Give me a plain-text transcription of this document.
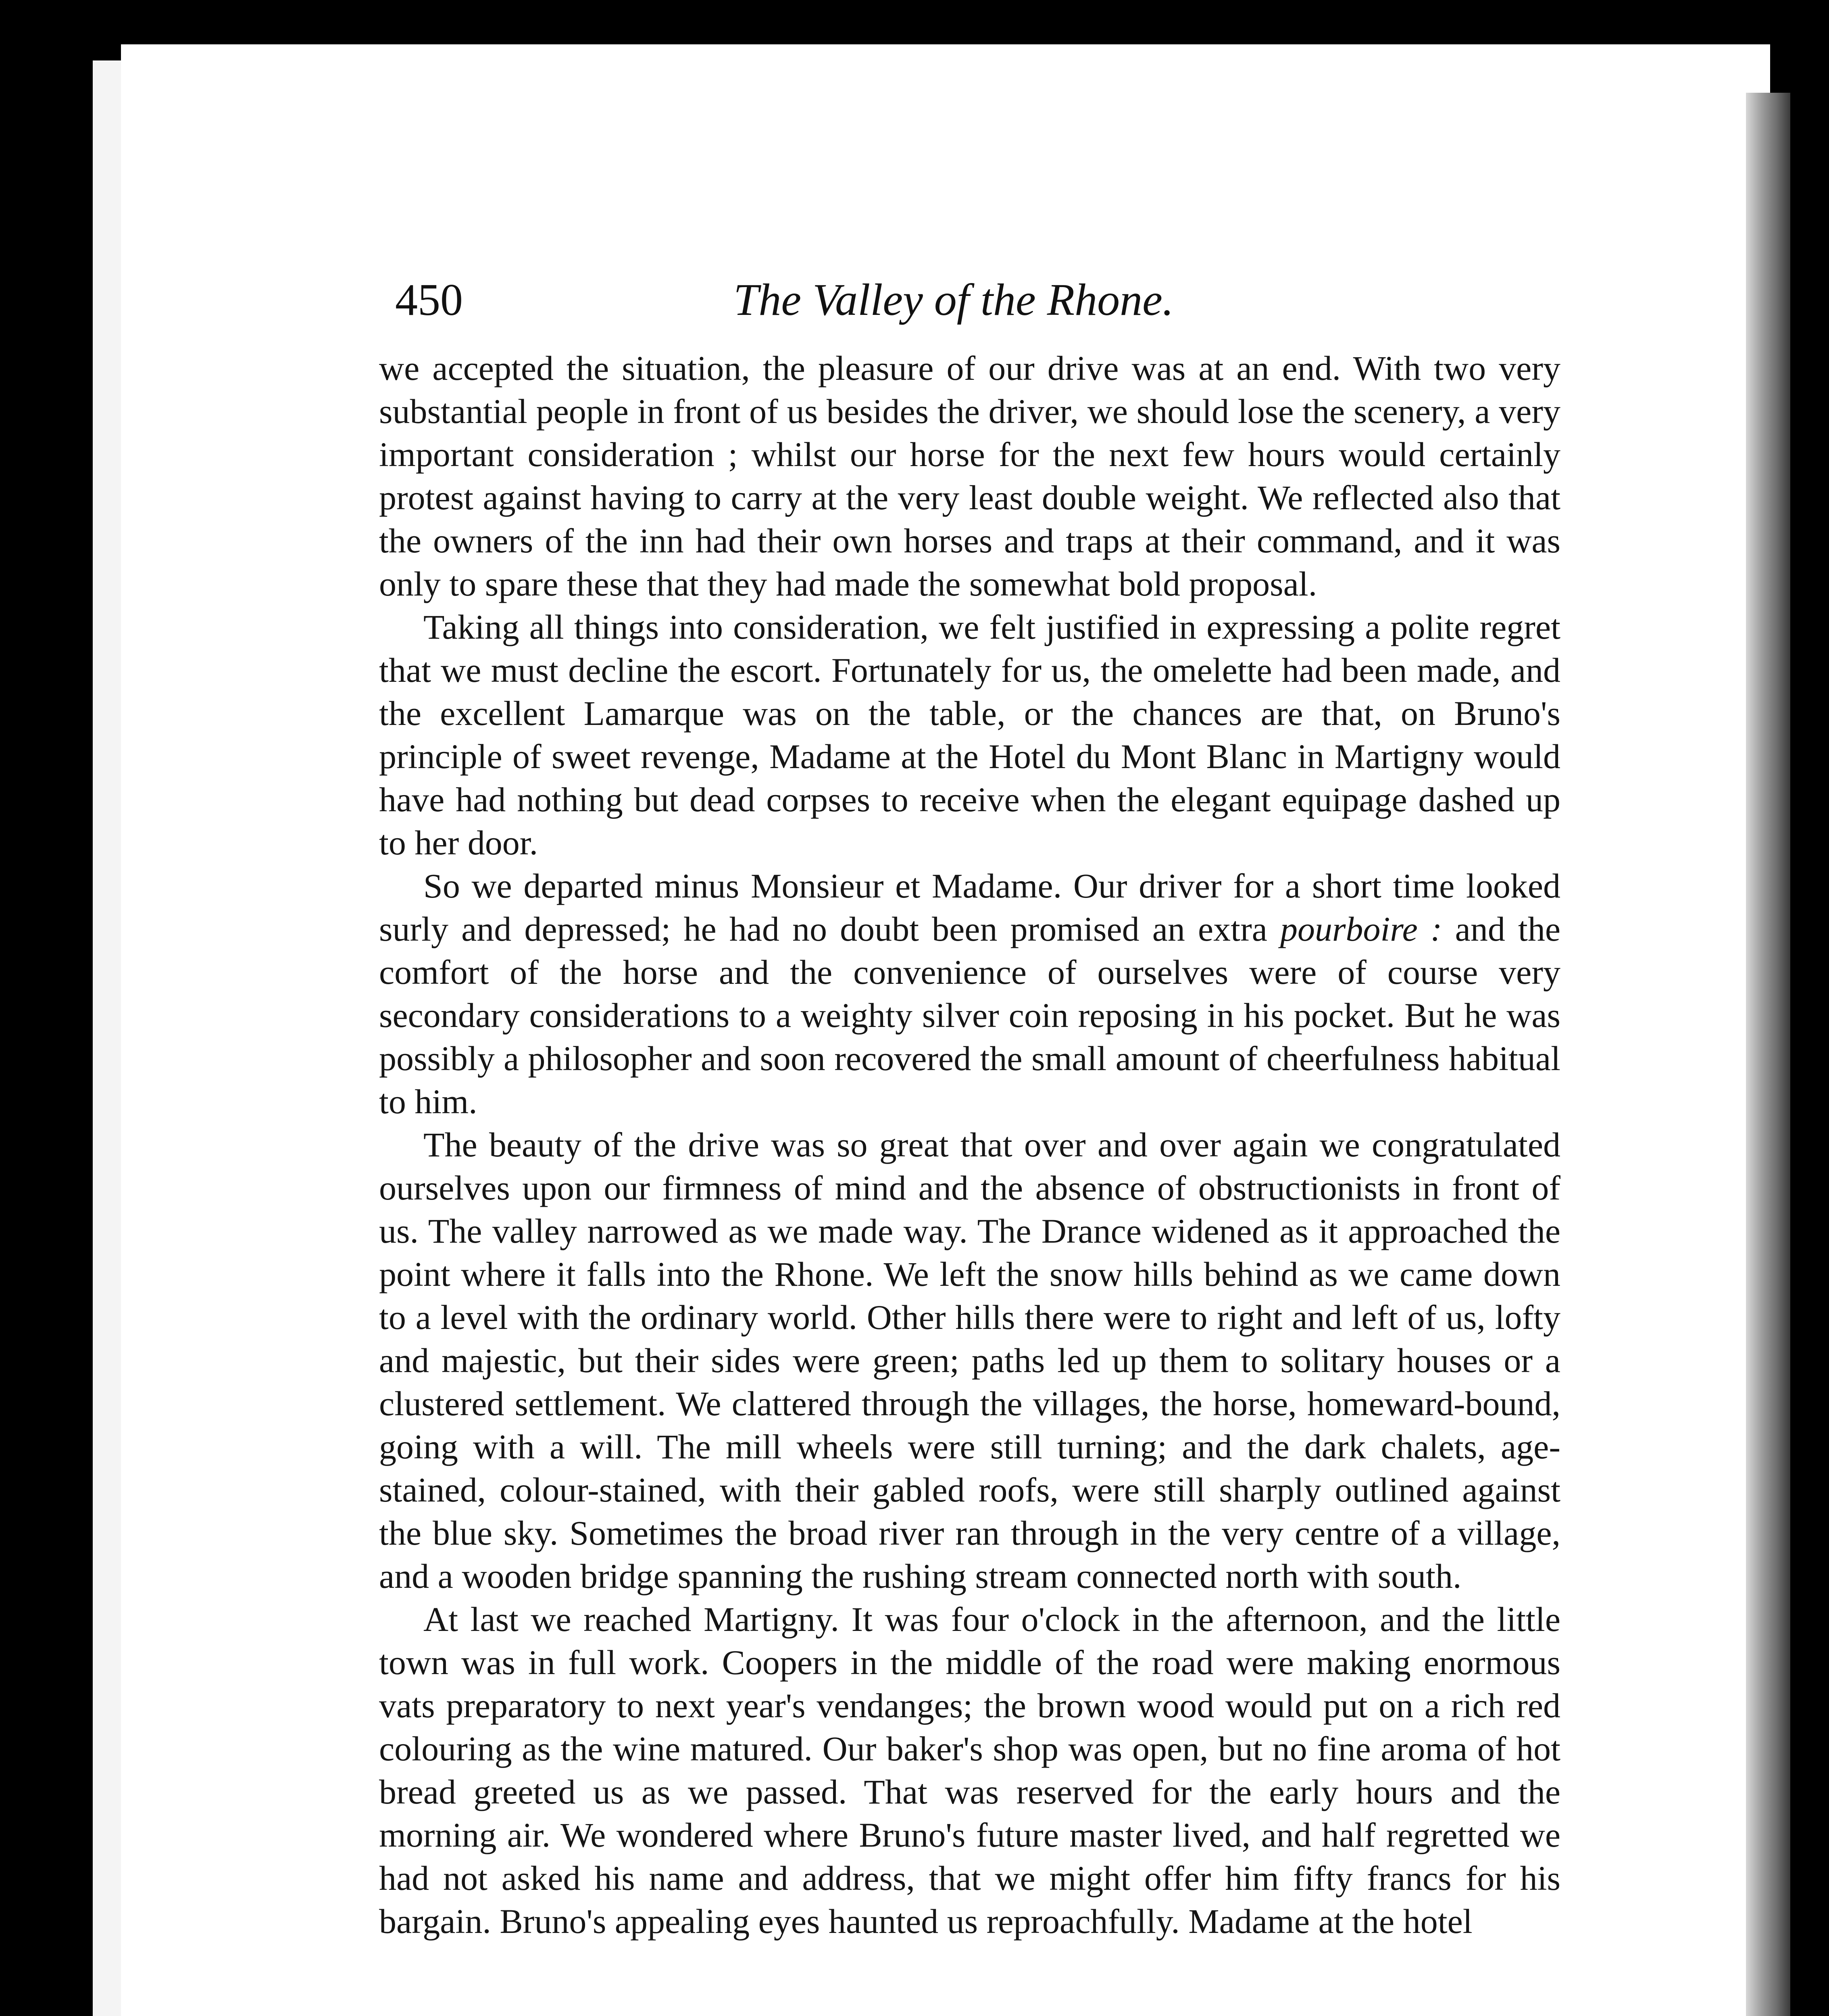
450	The Valley of the Rhone.

we accepted the situation, the pleasure of our drive was at an end. With two very substantial people in front of us besides the driver, we should lose the scenery, a very important consideration ; whilst our horse for the next few hours would certainly protest against having to carry at the very least double weight. We reflected also that the owners of the inn had their own horses and traps at their command, and it was only to spare these that they had made the somewhat bold proposal.

Taking all things into consideration, we felt justified in expressing a polite regret that we must decline the escort. Fortunately for us, the omelette had been made, and the excellent Lamarque was on the table, or the chances are that, on Bruno's principle of sweet revenge, Madame at the Hotel du Mont Blanc in Martigny would have had nothing but dead corpses to receive when the elegant equipage dashed up to her door.

So we departed minus Monsieur et Madame. Our driver for a short time looked surly and depressed; he had no doubt been promised an extra pourboire : and the comfort of the horse and the convenience of ourselves were of course very secondary considerations to a weighty silver coin reposing in his pocket. But he was possibly a philosopher and soon recovered the small amount of cheerfulness habitual to him.

The beauty of the drive was so great that over and over again we congratulated ourselves upon our firmness of mind and the absence of obstructionists in front of us. The valley narrowed as we made way. The Drance widened as it approached the point where it falls into the Rhone. We left the snow hills behind as we came down to a level with the ordinary world. Other hills there were to right and left of us, lofty and majestic, but their sides were green; paths led up them to solitary houses or a clustered settlement. We clattered through the villages, the horse, homeward-bound, going with a will. The mill wheels were still turning; and the dark chalets, age-stained, colour-stained, with their gabled roofs, were still sharply outlined against the blue sky. Sometimes the broad river ran through in the very centre of a village, and a wooden bridge spanning the rushing stream connected north with south.

At last we reached Martigny. It was four o'clock in the afternoon, and the little town was in full work. Coopers in the middle of the road were making enormous vats preparatory to next year's vendanges; the brown wood would put on a rich red colouring as the wine matured. Our baker's shop was open, but no fine aroma of hot bread greeted us as we passed. That was reserved for the early hours and the morning air. We wondered where Bruno's future master lived, and half regretted we had not asked his name and address, that we might offer him fifty francs for his bargain. Bruno's appealing eyes haunted us reproachfully. Madame at the hotel
